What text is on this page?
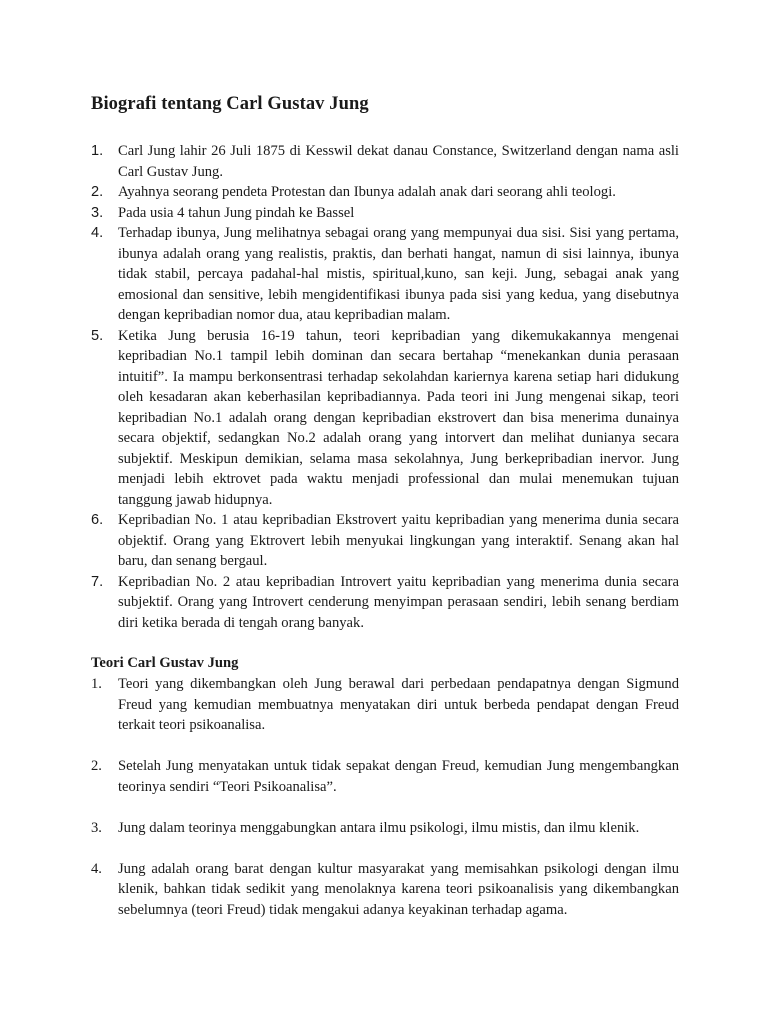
Biografi tentang Carl Gustav Jung
1. Carl Jung lahir 26 Juli 1875 di Kesswil dekat danau Constance, Switzerland dengan nama asli Carl Gustav Jung.
2. Ayahnya seorang pendeta Protestan dan Ibunya adalah anak dari seorang ahli teologi.
3. Pada usia 4 tahun Jung pindah ke Bassel
4. Terhadap ibunya, Jung melihatnya sebagai orang yang mempunyai dua sisi. Sisi yang pertama, ibunya adalah orang yang realistis, praktis, dan berhati hangat, namun di sisi lainnya, ibunya tidak stabil, percaya padahal-hal mistis, spiritual,kuno, san keji. Jung, sebagai anak yang emosional dan sensitive, lebih mengidentifikasi ibunya pada sisi yang kedua, yang disebutnya dengan kepribadian nomor dua, atau kepribadian malam.
5. Ketika Jung berusia 16-19 tahun, teori kepribadian yang dikemukakannya mengenai kepribadian No.1 tampil lebih dominan dan secara bertahap “menekankan dunia perasaan intuitif”. Ia mampu berkonsentrasi terhadap sekolahdan kariernya karena setiap hari didukung oleh kesadaran akan keberhasilan kepribadiannya. Pada teori ini Jung mengenai sikap, teori kepribadian No.1 adalah orang dengan kepribadian ekstrovert dan bisa menerima dunainya secara objektif, sedangkan No.2 adalah orang yang intorvert dan melihat dunianya secara subjektif. Meskipun demikian, selama masa sekolahnya, Jung berkepribadian inervor. Jung menjadi lebih ektrovet pada waktu menjadi professional dan mulai menemukan tujuan tanggung jawab hidupnya.
6. Kepribadian No. 1 atau kepribadian Ekstrovert yaitu kepribadian yang menerima dunia secara objektif. Orang yang Ektrovert lebih menyukai lingkungan yang interaktif. Senang akan hal baru, dan senang bergaul.
7. Kepribadian No. 2 atau kepribadian Introvert yaitu kepribadian yang menerima dunia secara subjektif. Orang yang Introvert cenderung menyimpan perasaan sendiri, lebih senang berdiam diri ketika berada di tengah orang banyak.
Teori Carl Gustav Jung
1. Teori yang dikembangkan oleh Jung berawal dari perbedaan pendapatnya dengan Sigmund Freud yang kemudian membuatnya menyatakan diri untuk berbeda pendapat dengan Freud terkait teori psikoanalisa.
2. Setelah Jung menyatakan untuk tidak sepakat dengan Freud, kemudian Jung mengembangkan teorinya sendiri “Teori Psikoanalisa”.
3. Jung dalam teorinya menggabungkan antara ilmu psikologi, ilmu mistis, dan ilmu klenik.
4. Jung adalah orang barat dengan kultur masyarakat yang memisahkan psikologi dengan ilmu klenik, bahkan tidak sedikit yang menolaknya karena teori psikoanalisis yang dikembangkan sebelumnya (teori Freud) tidak mengakui adanya keyakinan terhadap agama.
